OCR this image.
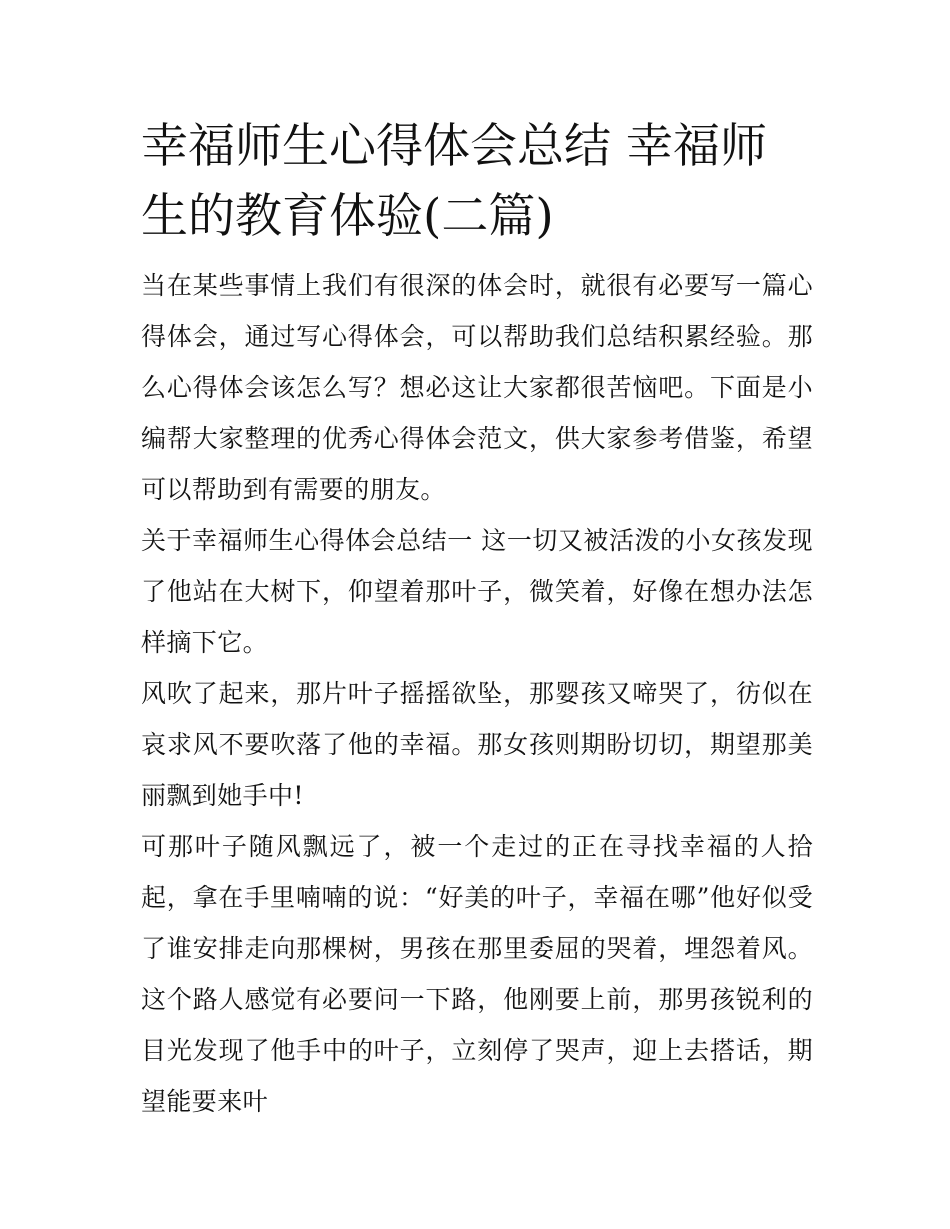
幸福师生心得体会总结 幸福师生的教育体验(二篇)

当在某些事情上我们有很深的体会时，就很有必要写一篇心得体会，通过写心得体会，可以帮助我们总结积累经验。那么心得体会该怎么写？想必这让大家都很苦恼吧。下面是小编帮大家整理的优秀心得体会范文，供大家参考借鉴，希望可以帮助到有需要的朋友。

关于幸福师生心得体会总结一 这一切又被活泼的小女孩发现了他站在大树下，仰望着那叶子，微笑着，好像在想办法怎样摘下它。

风吹了起来，那片叶子摇摇欲坠，那婴孩又啼哭了，彷似在哀求风不要吹落了他的幸福。那女孩则期盼切切，期望那美丽飘到她手中!

可那叶子随风飘远了，被一个走过的正在寻找幸福的人拾起，拿在手里喃喃的说：“好美的叶子，幸福在哪”他好似受了谁安排走向那棵树，男孩在那里委屈的哭着，埋怨着风。这个路人感觉有必要问一下路，他刚要上前，那男孩锐利的目光发现了他手中的叶子，立刻停了哭声，迎上去搭话，期望能要来叶
